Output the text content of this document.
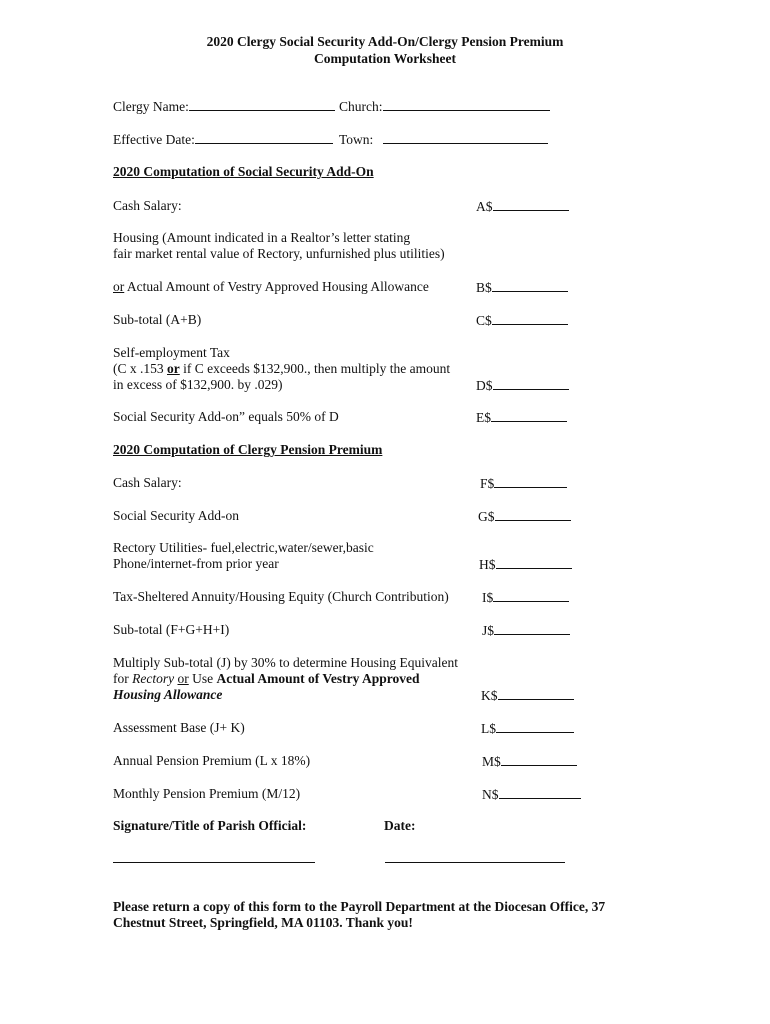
2020 Clergy Social Security Add-On/Clergy Pension Premium
Computation Worksheet
Clergy Name:	Church:
Effective Date:	Town:
2020 Computation of Social Security Add-On
Cash Salary:	A$
Housing (Amount indicated in a Realtor’s letter stating
fair market rental value of Rectory, unfurnished plus utilities)
or Actual Amount of Vestry Approved Housing Allowance	B$
Sub-total (A+B)	C$
Self-employment Tax
(C x .153 or if C exceeds $132,900., then multiply the amount
in excess of $132,900. by .029)	D$
Social Security Add-on” equals 50% of D	E$
2020 Computation of Clergy Pension Premium
Cash Salary:	F$
Social Security Add-on	G$
Rectory Utilities- fuel,electric,water/sewer,basic
Phone/internet-from prior year	H$
Tax-Sheltered Annuity/Housing Equity (Church Contribution) I$
Sub-total (F+G+H+I)	J$
Multiply Sub-total (J) by 30% to determine Housing Equivalent
for Rectory or Use Actual Amount of Vestry Approved
Housing Allowance	K$
Assessment Base (J+ K)	L$
Annual Pension Premium (L x 18%)	M$
Monthly Pension Premium (M/12)	N$
Signature/Title of Parish Official:	Date:
Please return a copy of this form to the Payroll Department at the Diocesan Office, 37
Chestnut Street, Springfield, MA 01103. Thank you!
